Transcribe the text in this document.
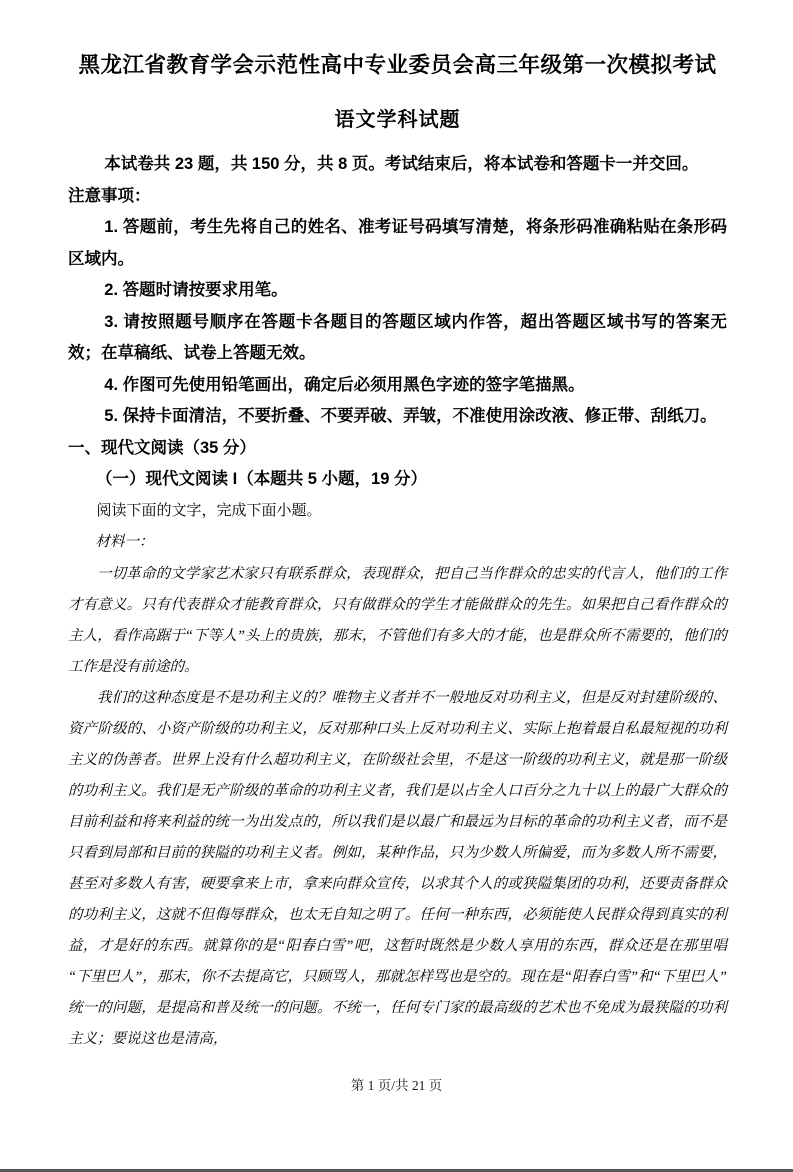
黑龙江省教育学会示范性高中专业委员会高三年级第一次模拟考试
语文学科试题

本试卷共 23 题，共 150 分，共 8 页。考试结束后，将本试卷和答题卡一并交回。

注意事项：

1. 答题前，考生先将自己的姓名、准考证号码填写清楚，将条形码准确粘贴在条形码区域内。

2. 答题时请按要求用笔。

3. 请按照题号顺序在答题卡各题目的答题区域内作答，超出答题区域书写的答案无效；在草稿纸、试卷上答题无效。

4. 作图可先使用铅笔画出，确定后必须用黑色字迹的签字笔描黑。

5. 保持卡面清洁，不要折叠、不要弄破、弄皱，不准使用涂改液、修正带、刮纸刀。

一、现代文阅读（35 分）

（一）现代文阅读 I（本题共 5 小题，19 分）

阅读下面的文字，完成下面小题。

材料一：

一切革命的文学家艺术家只有联系群众，表现群众，把自己当作群众的忠实的代言人，他们的工作才有意义。只有代表群众才能教育群众，只有做群众的学生才能做群众的先生。如果把自己看作群众的主人，看作高踞于“下等人”头上的贵族，那末，不管他们有多大的才能，也是群众所不需要的，他们的工作是没有前途的。

我们的这种态度是不是功利主义的？唯物主义者并不一般地反对功利主义，但是反对封建阶级的、资产阶级的、小资产阶级的功利主义，反对那种口头上反对功利主义、实际上抱着最自私最短视的功利主义的伪善者。世界上没有什么超功利主义，在阶级社会里，不是这一阶级的功利主义，就是那一阶级的功利主义。我们是无产阶级的革命的功利主义者，我们是以占全人口百分之九十以上的最广大群众的目前利益和将来利益的统一为出发点的，所以我们是以最广和最远为目标的革命的功利主义者，而不是只看到局部和目前的狭隘的功利主义者。例如，某种作品，只为少数人所偏爱，而为多数人所不需要，甚至对多数人有害，硬要拿来上市，拿来向群众宣传，以求其个人的或狭隘集团的功利，还要责备群众的功利主义，这就不但侮辱群众，也太无自知之明了。任何一种东西，必须能使人民群众得到真实的利益，才是好的东西。就算你的是“阳春白雪”吧，这暂时既然是少数人享用的东西，群众还是在那里唱“下里巴人”，那末，你不去提高它，只顾骂人，那就怎样骂也是空的。现在是“阳春白雪”和“下里巴人”统一的问题，是提高和普及统一的问题。不统一，任何专门家的最高级的艺术也不免成为最狭隘的功利主义；要说这也是清高，

第 1 页/共 21 页
